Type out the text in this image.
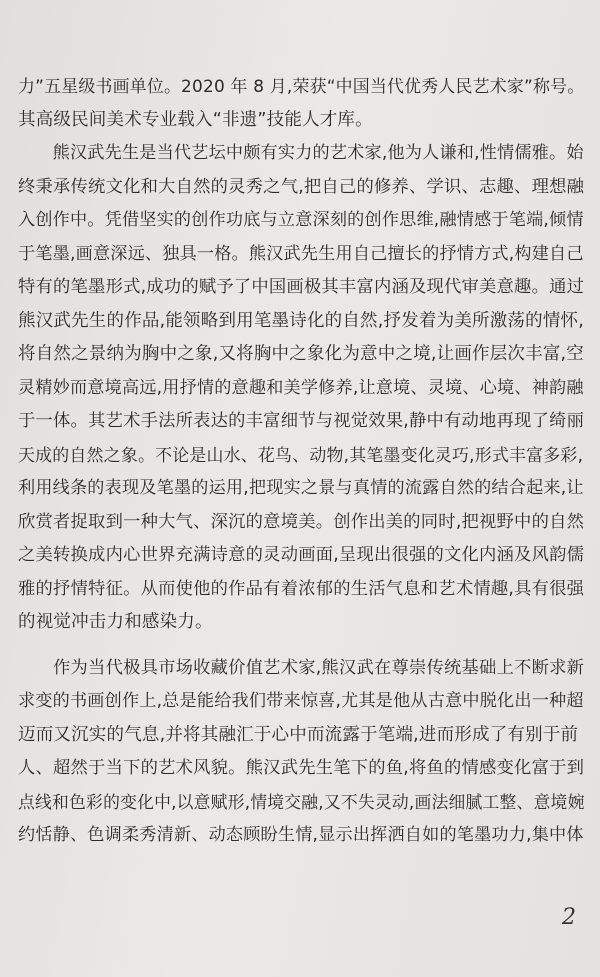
力”五星级书画单位。2020 年 8 月,荣获“中国当代优秀人民艺术家”称号。
其高级民间美术专业载入“非遗”技能人才库。
　　熊汉武先生是当代艺坛中颇有实力的艺术家,他为人谦和,性情儒雅。始
终秉承传统文化和大自然的灵秀之气,把自己的修养、学识、志趣、理想融
入创作中。凭借坚实的创作功底与立意深刻的创作思维,融情感于笔端,倾情
于笔墨,画意深远、独具一格。熊汉武先生用自己擅长的抒情方式,构建自己
特有的笔墨形式,成功的赋予了中国画极其丰富内涵及现代审美意趣。通过
熊汉武先生的作品,能领略到用笔墨诗化的自然,抒发着为美所激荡的情怀,
将自然之景纳为胸中之象,又将胸中之象化为意中之境,让画作层次丰富,空
灵精妙而意境高远,用抒情的意趣和美学修养,让意境、灵境、心境、神韵融
于一体。其艺术手法所表达的丰富细节与视觉效果,静中有动地再现了绮丽
天成的自然之象。不论是山水、花鸟、动物,其笔墨变化灵巧,形式丰富多彩,
利用线条的表现及笔墨的运用,把现实之景与真情的流露自然的结合起来,让
欣赏者捉取到一种大气、深沉的意境美。创作出美的同时,把视野中的自然
之美转换成内心世界充满诗意的灵动画面,呈现出很强的文化内涵及风韵儒
雅的抒情特征。从而使他的作品有着浓郁的生活气息和艺术情趣,具有很强
的视觉冲击力和感染力。
　　作为当代极具市场收藏价值艺术家,熊汉武在尊崇传统基础上不断求新
求变的书画创作上,总是能给我们带来惊喜,尤其是他从古意中脱化出一种超
迈而又沉实的气息,并将其融汇于心中而流露于笔端,进而形成了有别于前
人、超然于当下的艺术风貌。熊汉武先生笔下的鱼,将鱼的情感变化富于到
点线和色彩的变化中,以意赋形,情境交融,又不失灵动,画法细腻工整、意境婉
约恬静、色调柔秀清新、动态顾盼生情,显示出挥洒自如的笔墨功力,集中体
2
